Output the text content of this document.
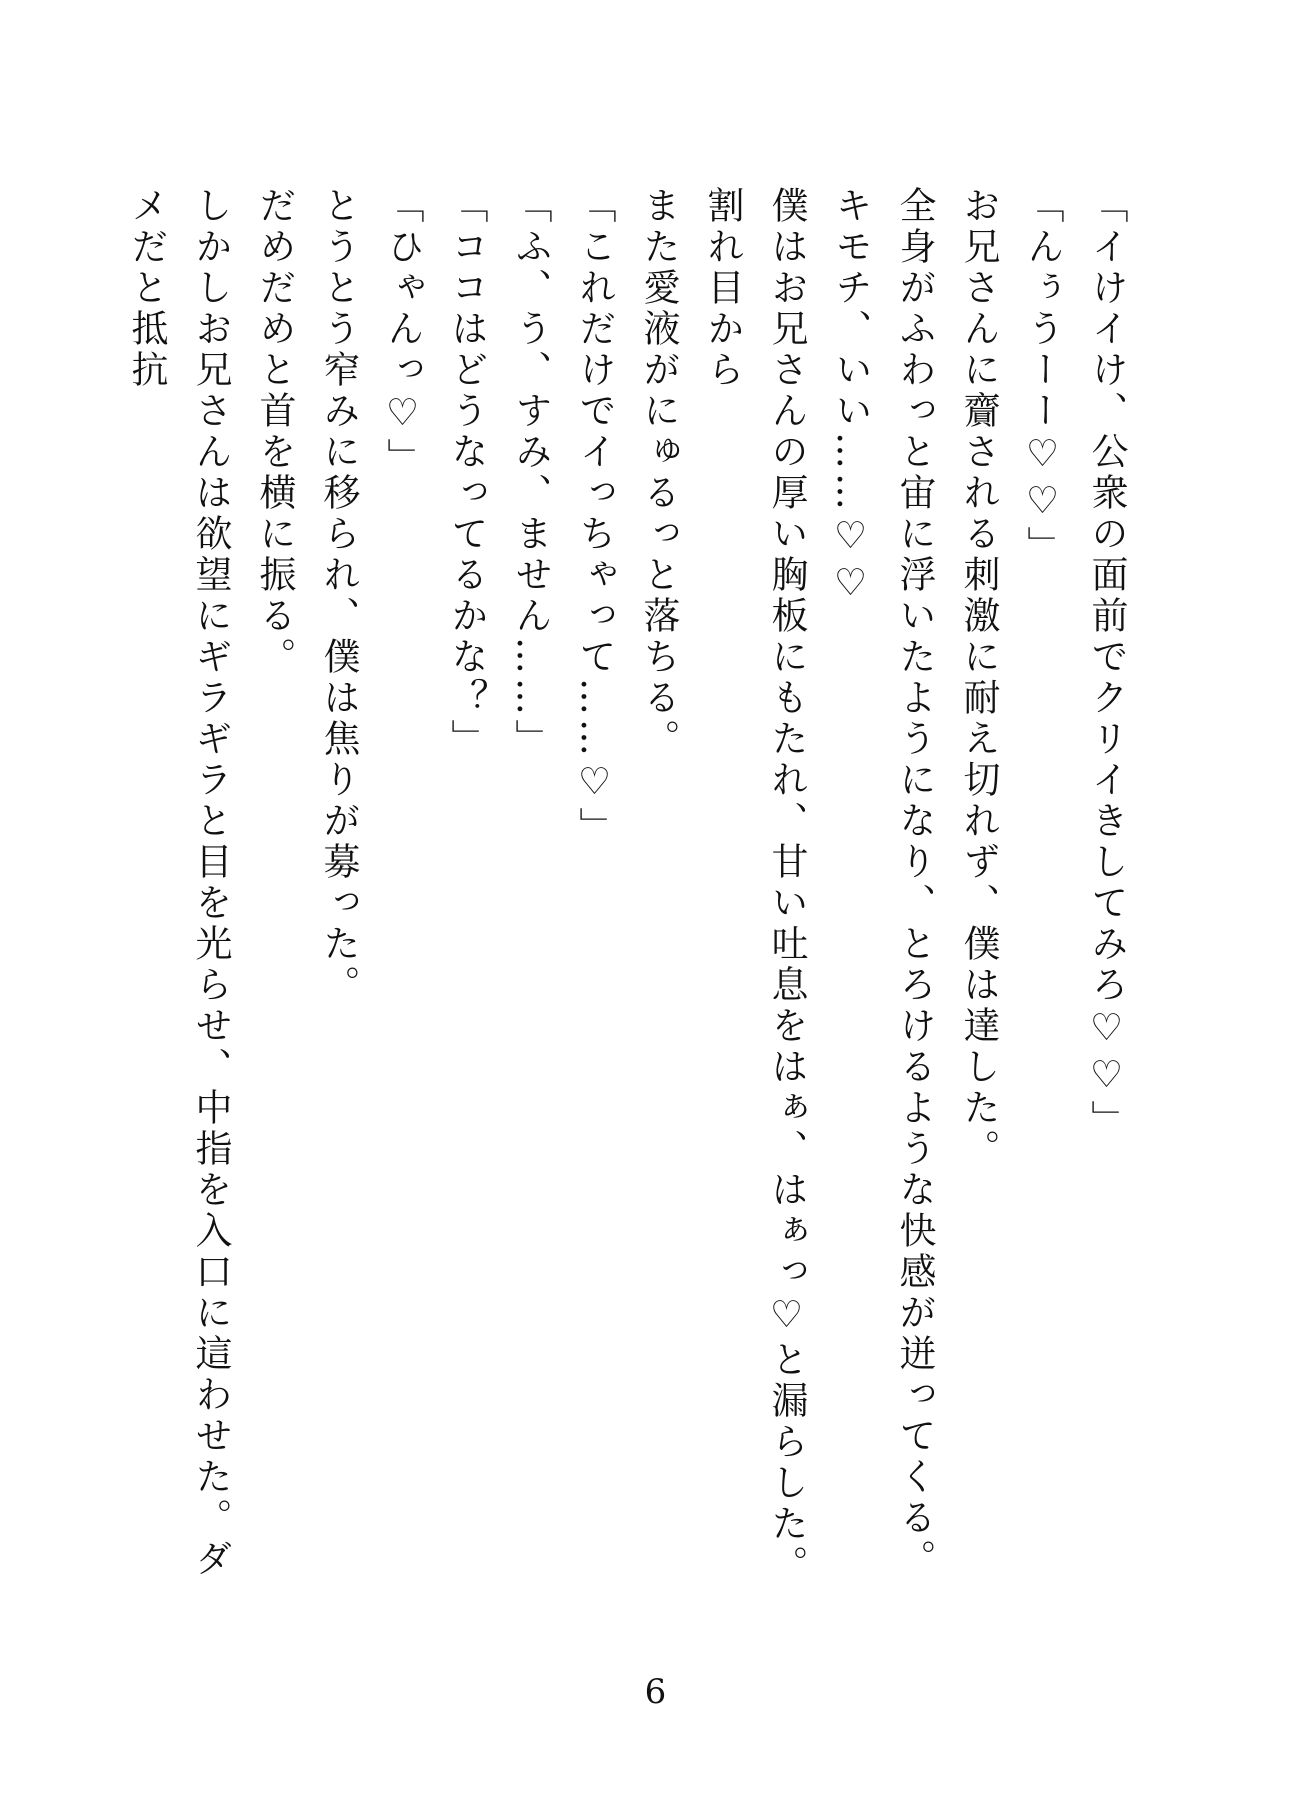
「イけイけ、公衆の面前でクリイきしてみろ♡♡」

「んぅうーー♡♡」

お兄さんに齎される刺激に耐え切れず、僕は達した。

全身がふわっと宙に浮いたようになり、とろけるような快感が迸ってくる。

キモチ、いい……♡♡

僕はお兄さんの厚い胸板にもたれ、甘い吐息をはぁ、はぁっ♡と漏らした。割れ目から

また愛液がにゅるっと落ちる。

「これだけでイっちゃって……♡」

「ふ、う、すみ、ません……」

「ココはどうなってるかな？」

「ひゃんっ♡」

とうとう窄みに移られ、僕は焦りが募った。

だめだめと首を横に振る。

しかしお兄さんは欲望にギラギラと目を光らせ、中指を入口に這わせた。ダメだと抵抗

6
